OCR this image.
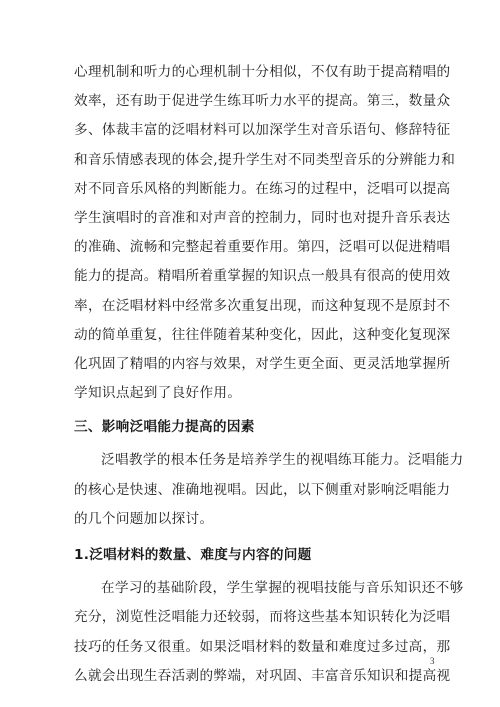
心理机制和听力的心理机制十分相似，不仅有助于提高精唱的
效率，还有助于促进学生练耳听力水平的提高。第三，数量众
多、体裁丰富的泛唱材料可以加深学生对音乐语句、修辞特征
和音乐情感表现的体会,提升学生对不同类型音乐的分辨能力和
对不同音乐风格的判断能力。在练习的过程中，泛唱可以提高
学生演唱时的音准和对声音的控制力，同时也对提升音乐表达
的准确、流畅和完整起着重要作用。第四，泛唱可以促进精唱
能力的提高。精唱所着重掌握的知识点一般具有很高的使用效
率，在泛唱材料中经常多次重复出现，而这种复现不是原封不
动的简单重复，往往伴随着某种变化，因此，这种变化复现深
化巩固了精唱的内容与效果，对学生更全面、更灵活地掌握所
学知识点起到了良好作用。

三、影响泛唱能力提高的因素

泛唱教学的根本任务是培养学生的视唱练耳能力。泛唱能力
的核心是快速、准确地视唱。因此，以下侧重对影响泛唱能力
的几个问题加以探讨。

1.泛唱材料的数量、难度与内容的问题

在学习的基础阶段，学生掌握的视唱技能与音乐知识还不够
充分，浏览性泛唱能力还较弱，而将这些基本知识转化为泛唱
技巧的任务又很重。如果泛唱材料的数量和难度过多过高，那
么就会出现生吞活剥的弊端，对巩固、丰富音乐知识和提高视

3
